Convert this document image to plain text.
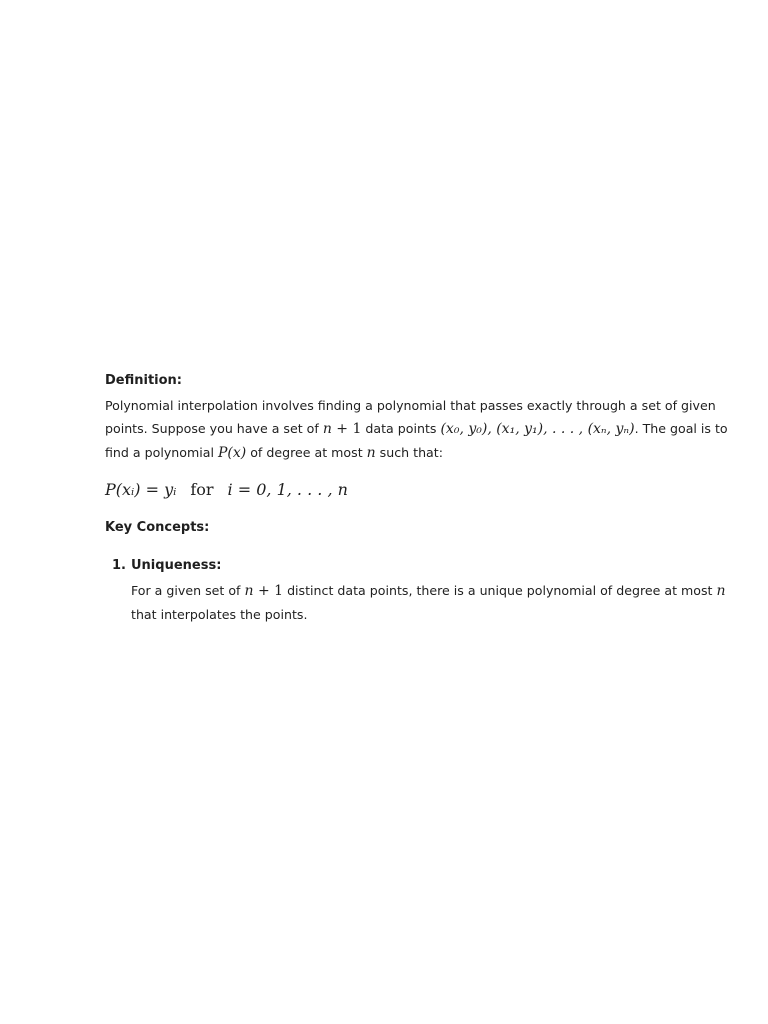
Definition:

Polynomial interpolation involves finding a polynomial that passes exactly through a set of given
points. Suppose you have a set of n + 1 data points (x₀, y₀), (x₁, y₁), . . . , (xₙ, yₙ). The goal is to
find a polynomial P(x) of degree at most n such that:
P(xᵢ) = yᵢ for i = 0, 1, . . . , n

Key Concepts:

1. Uniqueness:
For a given set of n + 1 distinct data points, there is a unique polynomial of degree at most n
that interpolates the points.
